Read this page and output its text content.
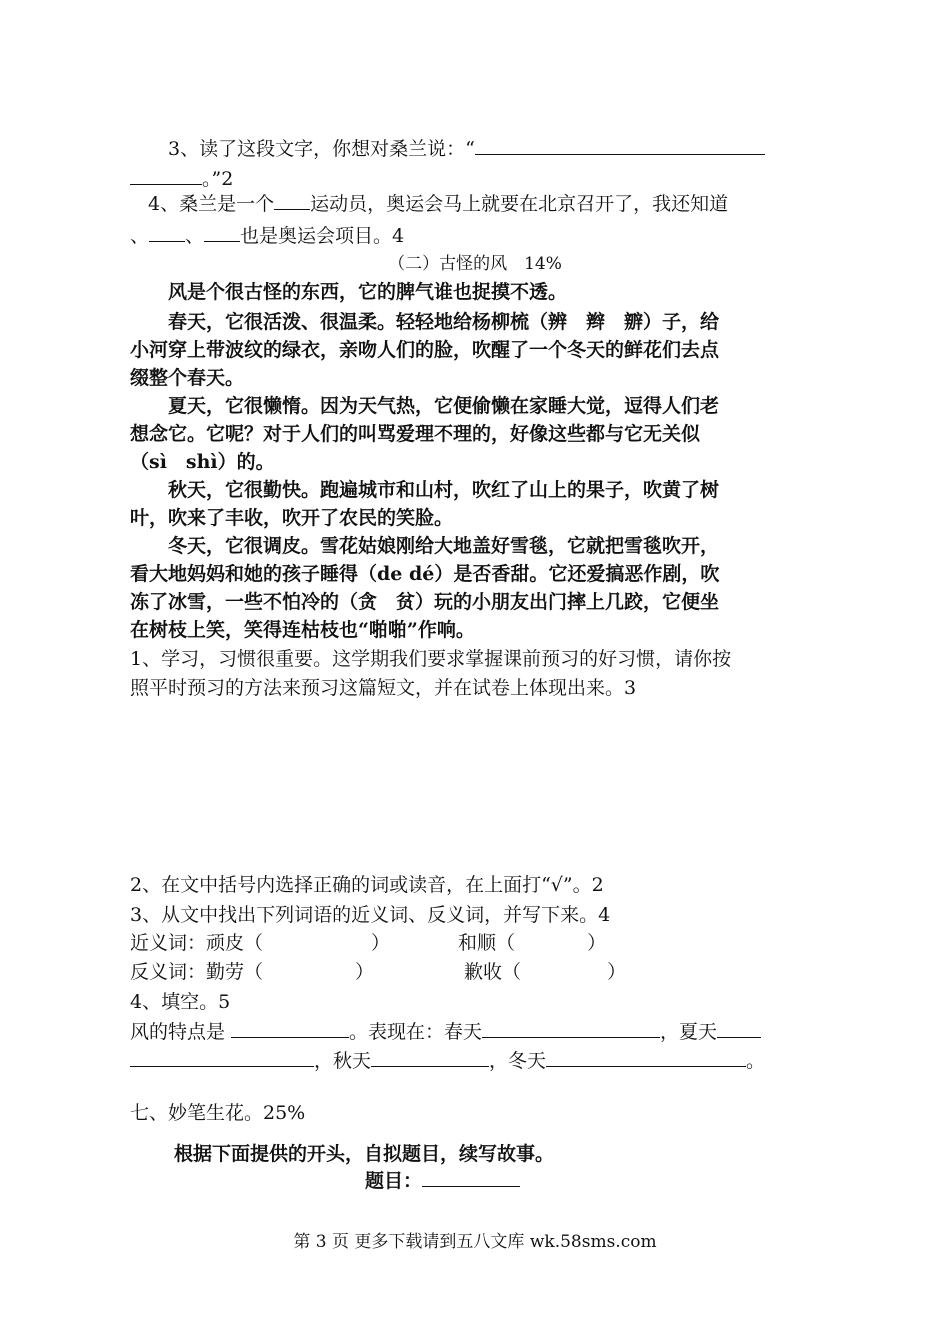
3、读了这段文字，你想对桑兰说：“
。”2
4、桑兰是一个 运动员，奥运会马上就要在北京召开了，我还知道
、 、 也是奥运会项目。4
（二）古怪的风　14%
风是个很古怪的东西，它的脾气谁也捉摸不透。
春天，它很活泼、很温柔。轻轻地给杨柳梳（辨　辫　辧）子，给
小河穿上带波纹的绿衣，亲吻人们的脸，吹醒了一个冬天的鲜花们去点
缀整个春天。
夏天，它很懒惰。因为天气热，它便偷懒在家睡大觉，逗得人们老
想念它。它呢？对于人们的叫骂爱理不理的，好像这些都与它无关似
（sì　shì）的。
秋天，它很勤快。跑遍城市和山村，吹红了山上的果子，吹黄了树
叶，吹来了丰收，吹开了农民的笑脸。
冬天，它很调皮。雪花姑娘刚给大地盖好雪毯，它就把雪毯吹开，
看大地妈妈和她的孩子睡得（de dé）是否香甜。它还爱搞恶作剧，吹
冻了冰雪，一些不怕冷的（贪　贫）玩的小朋友出门摔上几跤，它便坐
在树枝上笑，笑得连枯枝也“啪啪”作响。
1、学习，习惯很重要。这学期我们要求掌握课前预习的好习惯，请你按
照平时预习的方法来预习这篇短文，并在试卷上体现出来。3
2、在文中括号内选择正确的词或读音，在上面打“√”。2
3、从文中找出下列词语的近义词、反义词，并写下来。4
近义词：顽皮（	）	和顺（	）
反义词：勤劳（	）	歉收（	）
4、填空。5
风的特点是	。表现在：春天	，夏天
，秋天	，冬天	。
七、妙笔生花。25%
根据下面提供的开头，自拟题目，续写故事。
题目：
第 3 页 更多下载请到五八文库 wk.58sms.com
